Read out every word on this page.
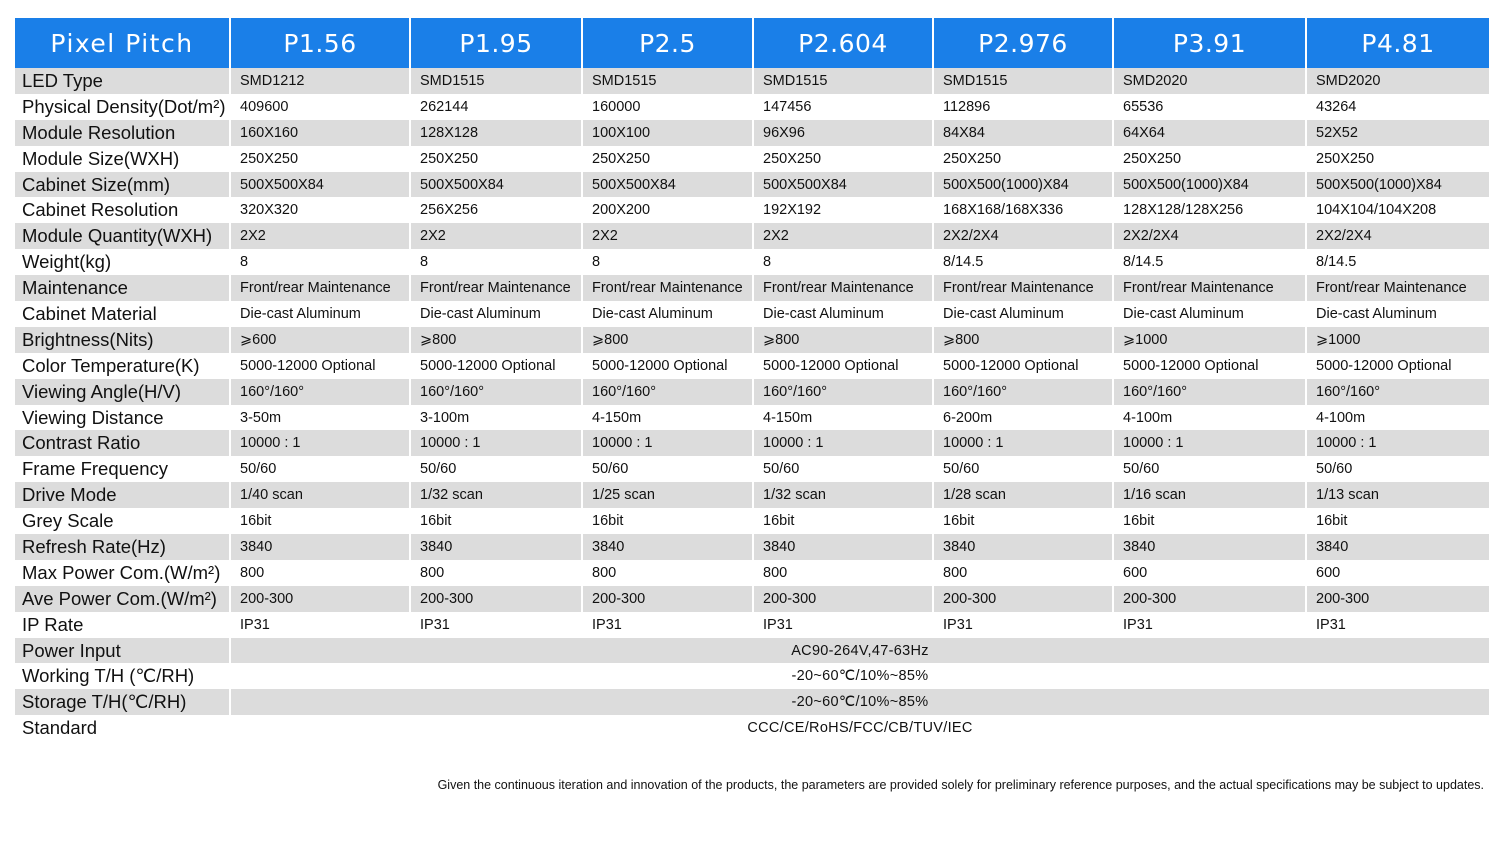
Pixel Pitch	P1.56	P1.95	P2.5	P2.604	P2.976	P3.91	P4.81
LED Type	SMD1212	SMD1515	SMD1515	SMD1515	SMD1515	SMD2020	SMD2020
Physical Density(Dot/m²)	409600	262144	160000	147456	112896	65536	43264
Module Resolution	160X160	128X128	100X100	96X96	84X84	64X64	52X52
Module Size(WXH)	250X250	250X250	250X250	250X250	250X250	250X250	250X250
Cabinet Size(mm)	500X500X84	500X500X84	500X500X84	500X500X84	500X500(1000)X84	500X500(1000)X84	500X500(1000)X84
Cabinet Resolution	320X320	256X256	200X200	192X192	168X168/168X336	128X128/128X256	104X104/104X208
Module Quantity(WXH)	2X2	2X2	2X2	2X2	2X2/2X4	2X2/2X4	2X2/2X4
Weight(kg)	8	8	8	8	8/14.5	8/14.5	8/14.5
Maintenance	Front/rear Maintenance	Front/rear Maintenance	Front/rear Maintenance	Front/rear Maintenance	Front/rear Maintenance	Front/rear Maintenance	Front/rear Maintenance
Cabinet Material	Die-cast Aluminum	Die-cast Aluminum	Die-cast Aluminum	Die-cast Aluminum	Die-cast Aluminum	Die-cast Aluminum	Die-cast Aluminum
Brightness(Nits)	⩾600	⩾800	⩾800	⩾800	⩾800	⩾1000	⩾1000
Color Temperature(K)	5000-12000 Optional	5000-12000 Optional	5000-12000 Optional	5000-12000 Optional	5000-12000 Optional	5000-12000 Optional	5000-12000 Optional
Viewing Angle(H/V)	160°/160°	160°/160°	160°/160°	160°/160°	160°/160°	160°/160°	160°/160°
Viewing Distance	3-50m	3-100m	4-150m	4-150m	6-200m	4-100m	4-100m
Contrast Ratio	10000 : 1	10000 : 1	10000 : 1	10000 : 1	10000 : 1	10000 : 1	10000 : 1
Frame Frequency	50/60	50/60	50/60	50/60	50/60	50/60	50/60
Drive Mode	1/40 scan	1/32 scan	1/25 scan	1/32 scan	1/28 scan	1/16 scan	1/13 scan
Grey Scale	16bit	16bit	16bit	16bit	16bit	16bit	16bit
Refresh Rate(Hz)	3840	3840	3840	3840	3840	3840	3840
Max Power Com.(W/m²)	800	800	800	800	800	600	600
Ave Power Com.(W/m²)	200-300	200-300	200-300	200-300	200-300	200-300	200-300
IP Rate	IP31	IP31	IP31	IP31	IP31	IP31	IP31
Power Input	AC90-264V,47-63Hz						
Working T/H (℃/RH)	-20~60℃/10%~85%						
Storage T/H(℃/RH)	-20~60℃/10%~85%						
Standard	CCC/CE/RoHS/FCC/CB/TUV/IEC						
Given the continuous iteration and innovation of the products, the parameters are provided solely for preliminary reference purposes, and the actual specifications may be subject to updates.
